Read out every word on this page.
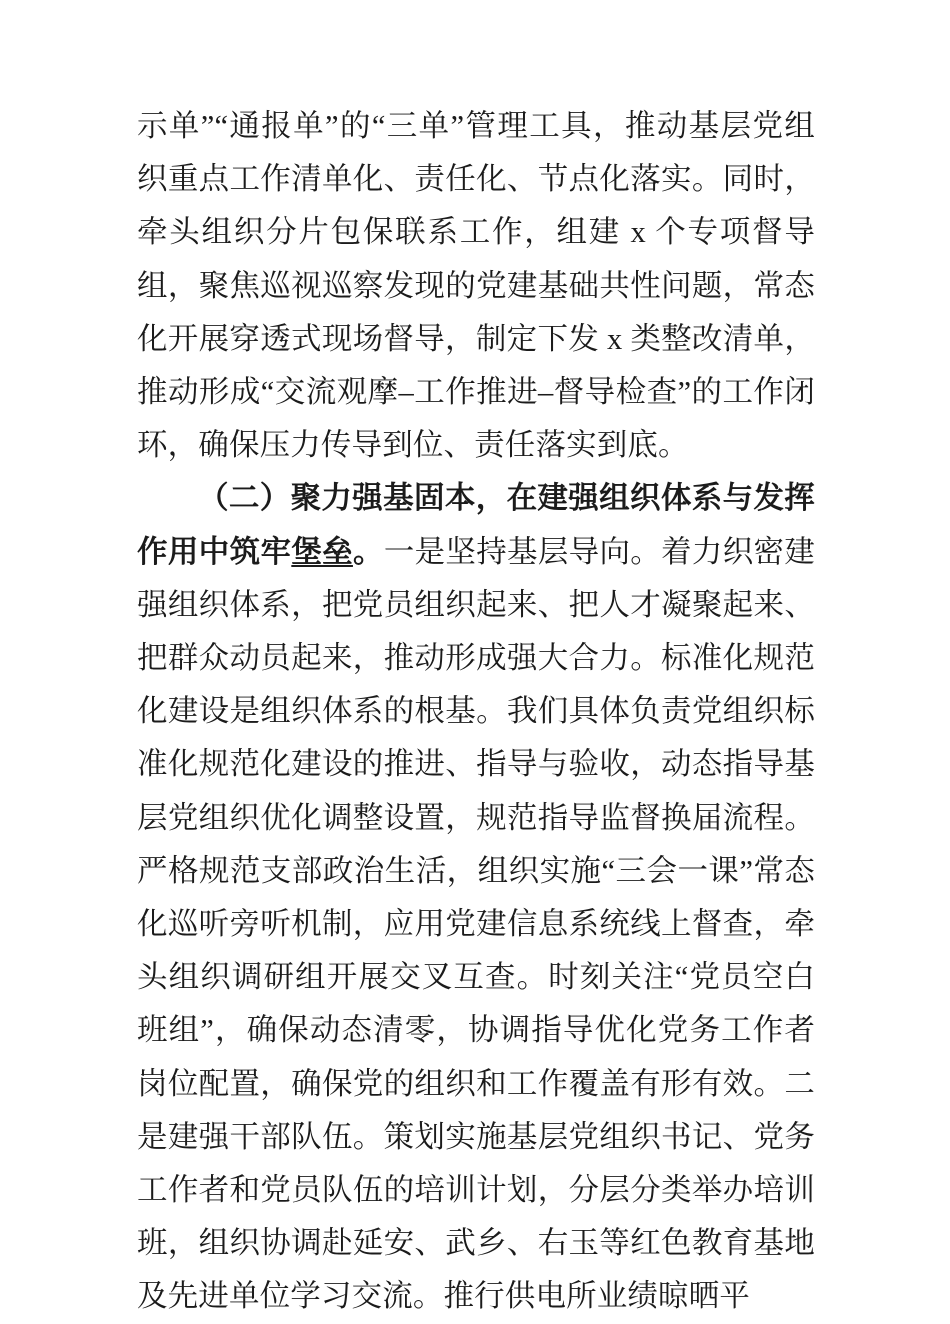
示单”“通报单”的“三单”管理工具，推动基层党组织重点工作清单化、责任化、节点化落实。同时，牵头组织分片包保联系工作，组建 x 个专项督导组，聚焦巡视巡察发现的党建基础共性问题，常态化开展穿透式现场督导，制定下发 x 类整改清单，推动形成“交流观摩–工作推进–督导检查”的工作闭环，确保压力传导到位、责任落实到底。

（二）聚力强基固本，在建强组织体系与发挥作用中筑牢堡垒。一是坚持基层导向。着力织密建强组织体系，把党员组织起来、把人才凝聚起来、把群众动员起来，推动形成强大合力。标准化规范化建设是组织体系的根基。我们具体负责党组织标准化规范化建设的推进、指导与验收，动态指导基层党组织优化调整设置，规范指导监督换届流程。严格规范支部政治生活，组织实施“三会一课”常态化巡听旁听机制，应用党建信息系统线上督查，牵头组织调研组开展交叉互查。时刻关注“党员空白班组”，确保动态清零，协调指导优化党务工作者岗位配置，确保党的组织和工作覆盖有形有效。二是建强干部队伍。策划实施基层党组织书记、党务工作者和党员队伍的培训计划，分层分类举办培训班，组织协调赴延安、武乡、右玉等红色教育基地及先进单位学习交流。推行供电所业绩晾晒平
